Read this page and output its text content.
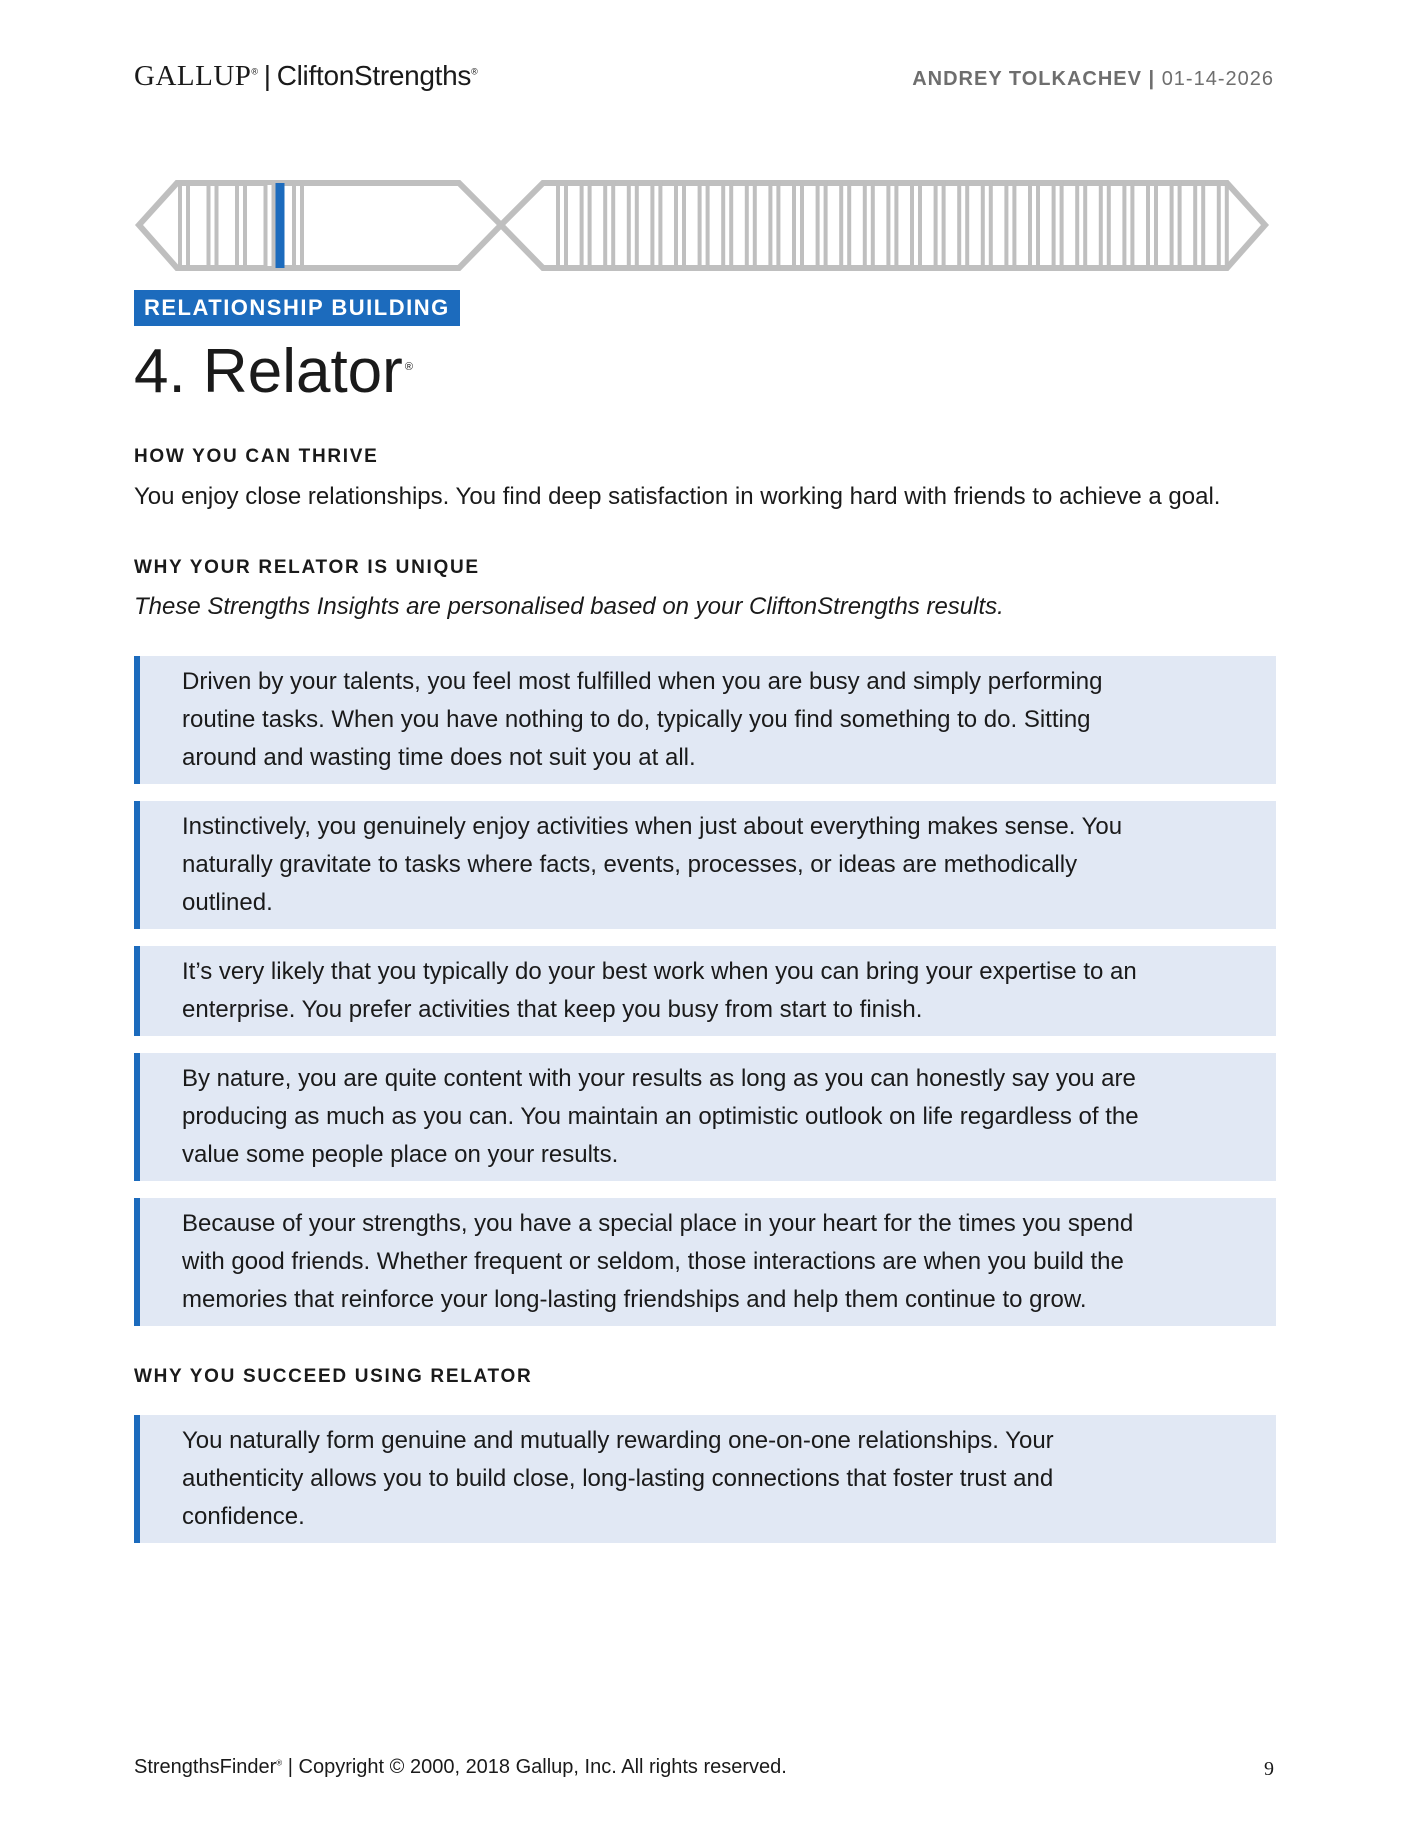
GALLUP® | CliftonStrengths®	ANDREY TOLKACHEV | 01-14-2026
RELATIONSHIP BUILDING
4. Relator ®
HOW YOU CAN THRIVE
You enjoy close relationships. You find deep satisfaction in working hard with friends to achieve a goal.
WHY YOUR RELATOR IS UNIQUE
These Strengths Insights are personalised based on your CliftonStrengths results.
Driven by your talents, you feel most fulfilled when you are busy and simply performing
routine tasks. When you have nothing to do, typically you find something to do. Sitting
around and wasting time does not suit you at all.
Instinctively, you genuinely enjoy activities when just about everything makes sense. You
naturally gravitate to tasks where facts, events, processes, or ideas are methodically
outlined.
It’s very likely that you typically do your best work when you can bring your expertise to an
enterprise. You prefer activities that keep you busy from start to finish.
By nature, you are quite content with your results as long as you can honestly say you are
producing as much as you can. You maintain an optimistic outlook on life regardless of the
value some people place on your results.
Because of your strengths, you have a special place in your heart for the times you spend
with good friends. Whether frequent or seldom, those interactions are when you build the
memories that reinforce your long-lasting friendships and help them continue to grow.
WHY YOU SUCCEED USING RELATOR
You naturally form genuine and mutually rewarding one-on-one relationships. Your
authenticity allows you to build close, long-lasting connections that foster trust and
confidence.
StrengthsFinder® | Copyright © 2000, 2018 Gallup, Inc. All rights reserved.	9
